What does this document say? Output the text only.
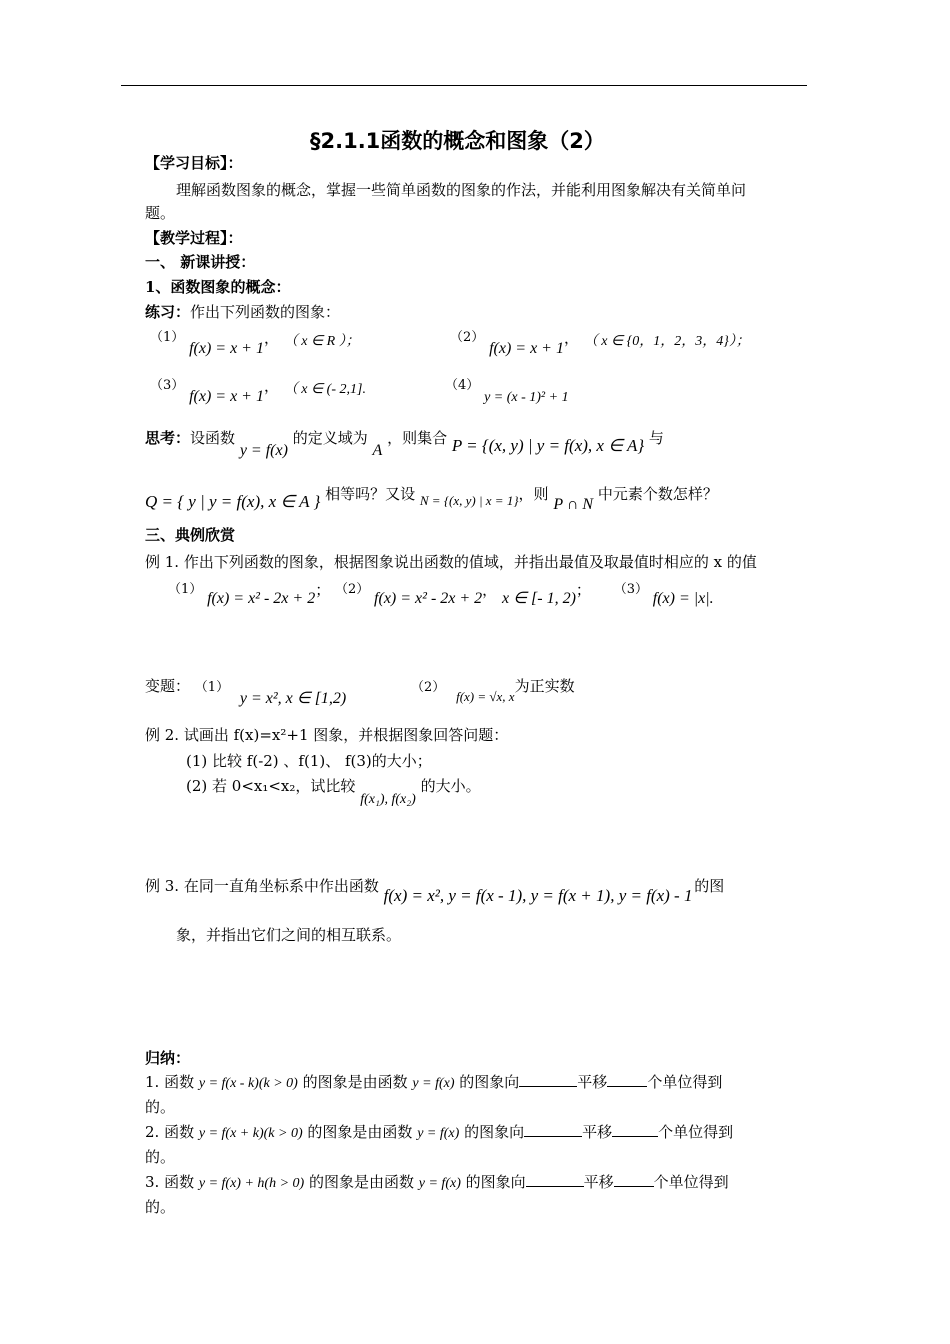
§2.1.1函数的概念和图象（2）
【学习目标】：
理解函数图象的概念，掌握一些简单函数的图象的作法，并能利用图象解决有关简单问
题。
【教学过程】：
一、 新课讲授：
1、函数图象的概念：
练习：作出下列函数的图象：
（1） f(x) = x + 1， （ x ∈ R ）；	（2） f(x) = x + 1， （ x ∈ {0，1，2，3，4}）；
（3） f(x) = x + 1， （ x ∈ (- 2,1].	（4） y = (x - 1)² + 1
思考：设函数 y = f(x) 的定义域为 A ，则集合 P = {(x, y) | y = f(x), x ∈ A} 与
Q = { y | y = f(x), x ∈ A } 相等吗？又设 N = {(x, y) | x = 1}，则 P ∩ N 中元素个数怎样？
三、典例欣赏
例 1. 作出下列函数的图象，根据图象说出函数的值域，并指出最值及取最值时相应的 x 的值
（1） f(x) = x² - 2x + 2； （2） f(x) = x² - 2x + 2， x ∈ [- 1, 2)； （3） f(x) = |x|.
变题： （1） y = x², x ∈ [1,2) （2） f(x) = √x, x为正实数
例 2. 试画出 f(x)=x²+1 图象，并根据图象回答问题：
(1) 比较 f(-2) 、f(1)、 f(3)的大小；
(2) 若 0<x₁<x₂，试比较 f(x₁), f(x₂) 的大小。
例 3. 在同一直角坐标系中作出函数 f(x) = x², y = f(x - 1), y = f(x + 1), y = f(x) - 1 的图
象，并指出它们之间的相互联系。
归纳：
1. 函数 y = f(x - k)(k > 0) 的图象是由函数 y = f(x) 的图象向	平移	个单位得到
的。
2. 函数 y = f(x + k)(k > 0) 的图象是由函数 y = f(x) 的图象向	平移	个单位得到
的。
3. 函数 y = f(x) + h(h > 0) 的图象是由函数 y = f(x) 的图象向	平移	个单位得到
的。
